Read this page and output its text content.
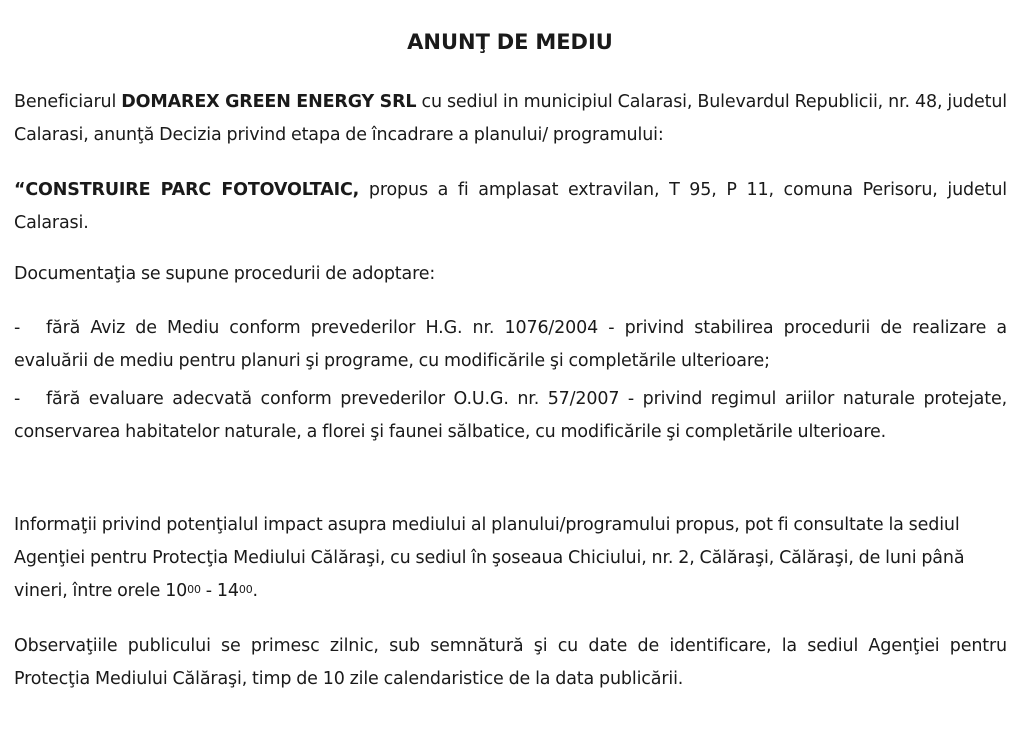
ANUNŢ DE MEDIU

Beneficiarul DOMAREX GREEN ENERGY SRL cu sediul in municipiul Calarasi, Bulevardul Republicii, nr. 48, judetul Calarasi, anunţă Decizia privind etapa de încadrare a planului/ programului:

“CONSTRUIRE PARC FOTOVOLTAIC, propus a fi amplasat extravilan, T 95, P 11, comuna Perisoru, judetul Calarasi.

Documentaţia se supune procedurii de adoptare:

- fără Aviz de Mediu conform prevederilor H.G. nr. 1076/2004 - privind stabilirea procedurii de realizare a evaluării de mediu pentru planuri şi programe, cu modificările şi completările ulterioare;

- fără evaluare adecvată conform prevederilor O.U.G. nr. 57/2007 - privind regimul ariilor naturale protejate, conservarea habitatelor naturale, a florei şi faunei sălbatice, cu modificările şi completările ulterioare.

Informaţii privind potenţialul impact asupra mediului al planului/programului propus, pot fi consultate la sediul Agenţiei pentru Protecţia Mediului Călăraşi, cu sediul în şoseaua Chiciului, nr. 2, Călăraşi, Călăraşi, de luni până vineri, între orele $10^{00} - 14^{00}$.

Observaţiile publicului se primesc zilnic, sub semnătură şi cu date de identificare, la sediul Agenţiei pentru Protecţia Mediului Călăraşi, timp de 10 zile calendaristice de la data publicării.
